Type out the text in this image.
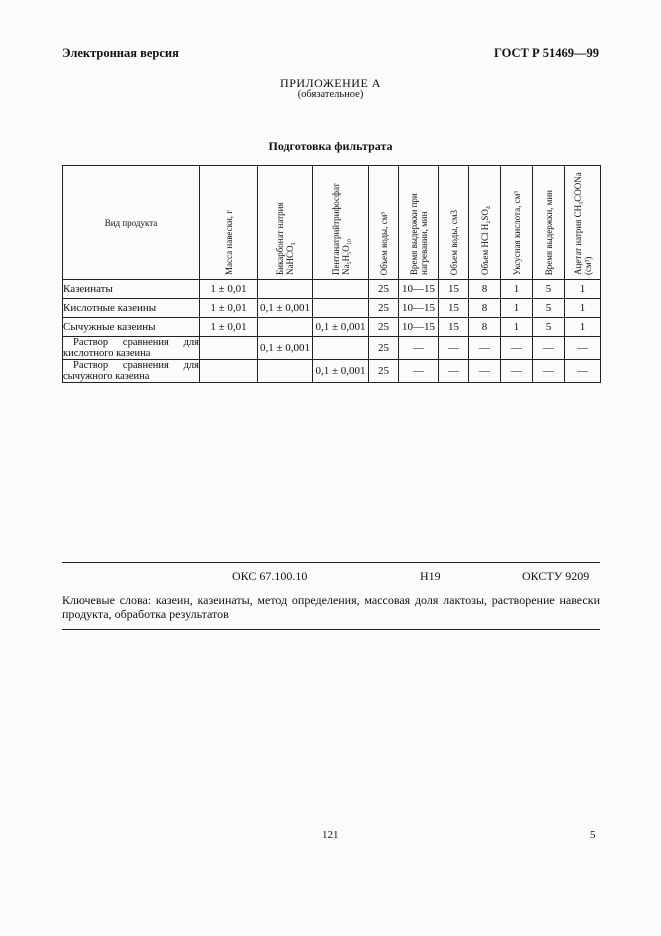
Электронная версия	ГОСТ Р 51469—99
ПРИЛОЖЕНИЕ А
(обязательное)
Подготовка фильтрата
Вид продукта	Масса навески, г	Бикарбонат натрия NaHCO₃	Пентанатрийтрифосфат Na₅H₅O₁₀	Объем воды, см³	Время выдержки при нагревании, мин	Объем воды, см3	Объем HCl H₂SO₄	Уксусная кислота, см³	Время выдержки, мин	Ацетат натрия CH₃COONa (см³)

Казеинаты	1 ± 0,01			25	10—15	15	8	1	5	1
Кислотные казеины	1 ± 0,01	0,1 ± 0,001		25	10—15	15	8	1	5	1
Сычужные казеины	1 ± 0,01		0,1 ± 0,001	25	10—15	15	8	1	5	1
Раствор сравнения для кислотного казеина		0,1 ± 0,001		25	—	—	—	—	—	—
Раствор сравнения для сычужного казеина			0,1 ± 0,001	25	—	—	—	—	—	—
ОКС 67.100.10	Н19	ОКСТУ 9209
Ключевые слова: казеин, казеинаты, метод определения, массовая доля лактозы, растворение навески продукта, обработка результатов
121	5
